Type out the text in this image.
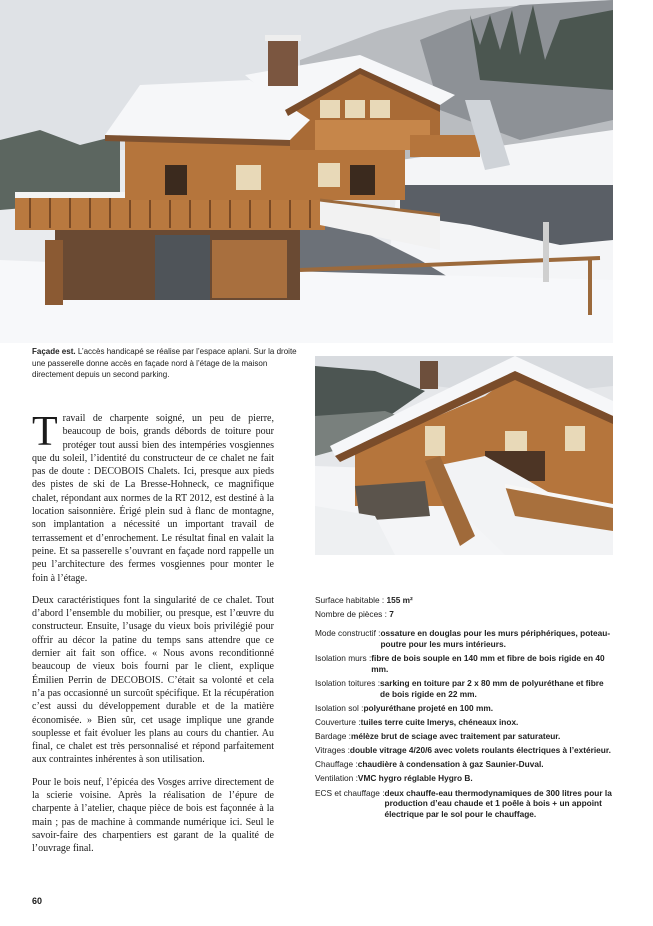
Façade est. L’accès handicapé se réalise par l’espace aplani. Sur la droite une passerelle donne accès en façade nord à l’étage de la maison directement depuis un second parking.

Travail de charpente soigné, un peu de pierre, beaucoup de bois, grands débords de toiture pour protéger tout aussi bien des intempéries vosgiennes que du soleil, l’identité du constructeur de ce chalet ne fait pas de doute : DECOBOIS Chalets. Ici, presque aux pieds des pistes de ski de La Bresse-Hohneck, ce magnifique chalet, répondant aux normes de la RT 2012, est destiné à la location saisonnière. Érigé plein sud à flanc de montagne, son implantation a nécessité un important travail de terrassement et d’enrochement. Le résultat final en valait la peine. Et sa passerelle s’ouvrant en façade nord rappelle un peu l’architecture des fermes vosgiennes pour monter le foin à l’étage.

Deux caractéristiques font la singularité de ce chalet. Tout d’abord l’ensemble du mobilier, ou presque, est l’œuvre du constructeur. Ensuite, l’usage du vieux bois privilégié pour offrir au décor la patine du temps sans attendre que ce dernier ait fait son office. « Nous avons reconditionné beaucoup de vieux bois fourni par le client, explique Émilien Perrin de DECOBOIS. C’était sa volonté et cela n’a pas occasionné un surcoût spécifique. Et la récupération c’est aussi du développement durable et de la matière économisée. » Bien sûr, cet usage implique une grande souplesse et fait évoluer les plans au cours du chantier. Au final, ce chalet est très personnalisé et répond parfaitement aux contraintes inhérentes à son utilisation.

Pour le bois neuf, l’épicéa des Vosges arrive directement de la scierie voisine. Après la réalisation de l’épure de charpente à l’atelier, chaque pièce de bois est façonnée à la main ; pas de machine à commande numérique ici. Seul le savoir-faire des charpentiers est garant de la qualité de l’ouvrage final.

Surface habitable : 155 m²
Nombre de pièces : 7
Mode constructif : ossature en douglas pour les murs périphériques, poteau-poutre pour les murs intérieurs.
Isolation murs : fibre de bois souple en 140 mm et fibre de bois rigide en 40 mm.
Isolation toitures : sarking en toiture par 2 x 80 mm de polyuréthane et fibre de bois rigide en 22 mm.
Isolation sol : polyuréthane projeté en 100 mm.
Couverture : tuiles terre cuite Imerys, chéneaux inox.
Bardage : mélèze brut de sciage avec traitement par saturateur.
Vitrages : double vitrage 4/20/6 avec volets roulants électriques à l’extérieur.
Chauffage : chaudière à condensation à gaz Saunier-Duval.
Ventilation : VMC hygro réglable Hygro B.
ECS et chauffage : deux chauffe-eau thermodynamiques de 300 litres pour la production d’eau chaude et 1 poêle à bois + un appoint électrique par le sol pour le chauffage.
60
